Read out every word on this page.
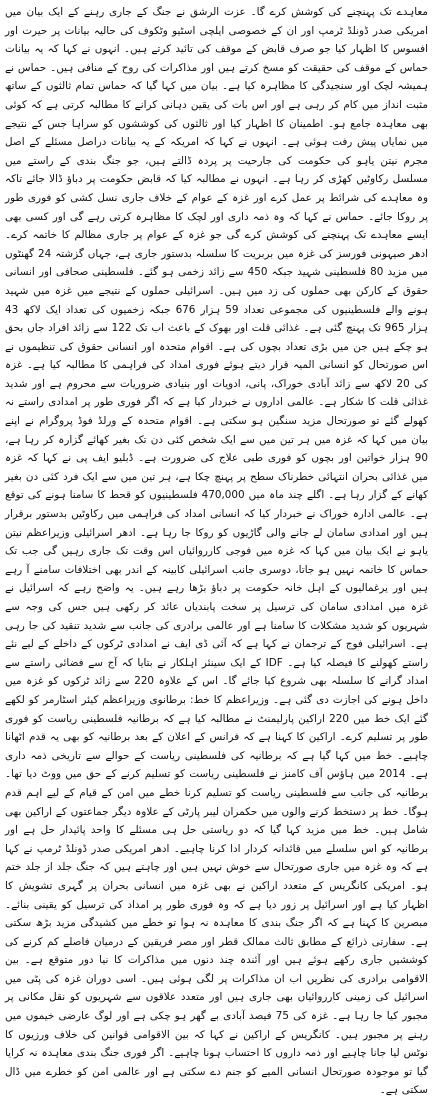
معاہدے تک پہنچنے کی کوشش کرے گا۔ عزت الرشق نے جنگ کے جاری رہنے کے ایک بیان میں امریکی صدر ڈونلڈ ٹرمپ اور ان کے خصوصی ایلچی اسٹیو وٹکوف کی حالیہ بیانات پر حیرت اور افسوس کا اظہار کیا جو صرف قابض کے موقف کی تائید کرتے ہیں۔ انہوں نے کہا کہ یہ بیانات حماس کے موقف کی حقیقت کو مسخ کرتے ہیں اور مذاکرات کی روح کے منافی ہیں۔ حماس نے ہمیشہ لچک اور سنجیدگی کا مظاہرہ کیا ہے۔ بیان میں کہا گیا کہ حماس تمام ثالثوں کے ساتھ مثبت انداز میں کام کر رہی ہے اور اس بات کی یقین دہانی کرانے کا مطالبہ کرتی ہے کہ کوئی بھی معاہدہ جامع ہو۔ اطمینان کا اظہار کیا اور ثالثوں کی کوششوں کو سراہا جس کے نتیجے میں نمایاں پیش رفت ہوئی ہے۔ انہوں نے کہا کہ امریکہ کے یہ بیانات دراصل مسئلے کے اصل مجرم نیتن یاہو کی حکومت کی جارحیت پر پردہ ڈالتے ہیں، جو جنگ بندی کے راستے میں مسلسل رکاوٹیں کھڑی کر رہا ہے۔ انہوں نے مطالبہ کیا کہ قابض حکومت پر دباؤ ڈالا جائے تاکہ وہ معاہدے کی شرائط پر عمل کرے اور غزہ کے عوام کے خلاف جاری نسل کشی کو فوری طور پر روکا جائے۔ حماس نے کہا کہ وہ ذمہ داری اور لچک کا مظاہرہ کرتی رہے گی اور کسی بھی ایسے معاہدے تک پہنچنے کی کوشش کرے گی جو غزہ کے عوام پر جاری مظالم کا خاتمہ کرے۔ ادھر صیہونی فورسز کی غزہ میں بربریت کا سلسلہ بدستور جاری ہے، جہاں گزشتہ 24 گھنٹوں میں مزید 80 فلسطینی شہید جبکہ 450 سے زائد زخمی ہو گئے۔ فلسطینی صحافی اور انسانی حقوق کے کارکن بھی حملوں کی زد میں ہیں۔ اسرائیلی حملوں کے نتیجے میں غزہ میں شہید ہونے والے فلسطینیوں کی مجموعی تعداد 59 ہزار 676 جبکہ زخمیوں کی تعداد ایک لاکھ 43 ہزار 965 تک پہنچ گئی ہے۔ غذائی قلت اور بھوک کے باعث اب تک 122 سے زائد افراد جاں بحق ہو چکے ہیں جن میں بڑی تعداد بچوں کی ہے۔ اقوام متحدہ اور انسانی حقوق کی تنظیموں نے اس صورتحال کو انسانی المیہ قرار دیتے ہوئے فوری امداد کی فراہمی کا مطالبہ کیا ہے۔ غزہ کی 20 لاکھ سے زائد آبادی خوراک، پانی، ادویات اور بنیادی ضروریات سے محروم ہے اور شدید غذائی قلت کا شکار ہے۔ عالمی اداروں نے خبردار کیا ہے کہ اگر فوری طور پر امدادی راستے نہ کھولے گئے تو صورتحال مزید سنگین ہو سکتی ہے۔ اقوام متحدہ کے ورلڈ فوڈ پروگرام نے اپنے بیان میں کہا کہ غزہ میں ہر تین میں سے ایک شخص کئی دن تک بغیر کھائے گزارہ کر رہا ہے، 90 ہزار خواتین اور بچوں کو فوری طبی علاج کی ضرورت ہے۔ ڈبلیو ایف پی نے کہا کہ غزہ میں غذائی بحران انتہائی خطرناک سطح پر پہنچ چکا ہے، ہر تین میں سے ایک فرد کئی دن بغیر کھانے کے گزار رہا ہے۔ اگلے چند ماہ میں 470,000 فلسطینیوں کو قحط کا سامنا ہونے کی توقع ہے۔ عالمی ادارہ خوراک نے خبردار کیا کہ انسانی امداد کی فراہمی میں رکاوٹیں بدستور برقرار ہیں اور امدادی سامان لے جانے والی گاڑیوں کو روکا جا رہا ہے۔ ادھر اسرائیلی وزیراعظم نیتن یاہو نے ایک بیان میں کہا کہ غزہ میں فوجی کارروائیاں اس وقت تک جاری رہیں گی جب تک حماس کا خاتمہ نہیں ہو جاتا، دوسری جانب اسرائیلی کابینہ کے اندر بھی اختلافات سامنے آ رہے ہیں اور یرغمالیوں کے اہل خانہ حکومت پر دباؤ بڑھا رہے ہیں۔ یہ واضح رہے کہ اسرائیل نے غزہ میں امدادی سامان کی ترسیل پر سخت پابندیاں عائد کر رکھی ہیں جس کی وجہ سے شہریوں کو شدید مشکلات کا سامنا ہے اور عالمی برادری کی جانب سے شدید تنقید کی جا رہی ہے۔ اسرائیلی فوج کے ترجمان نے کہا ہے کہ آئی ڈی ایف نے امدادی ٹرکوں کے داخلے کے لیے نئے راستے کھولنے کا فیصلہ کیا ہے۔ IDF کے ایک سینئر اہلکار نے بتایا کہ آج سے فضائی راستے سے امداد گرانے کا سلسلہ بھی شروع کیا جائے گا۔ اس کے علاوہ 220 سے زائد ٹرکوں کو غزہ میں داخل ہونے کی اجازت دی گئی ہے۔ وزیراعظم کا خط: برطانوی وزیراعظم کیئر اسٹارمر کو لکھے گئے ایک خط میں 220 اراکین پارلیمنٹ نے مطالبہ کیا ہے کہ برطانیہ فلسطینی ریاست کو فوری طور پر تسلیم کرے۔ اراکین کا کہنا ہے کہ فرانس کے اعلان کے بعد برطانیہ کو بھی یہ قدم اٹھانا چاہیے۔ خط میں کہا گیا ہے کہ برطانیہ کی فلسطینی ریاست کے حوالے سے تاریخی ذمہ داری ہے۔ 2014 میں ہاؤس آف کامنز نے فلسطینی ریاست کو تسلیم کرنے کے حق میں ووٹ دیا تھا۔ برطانیہ کی جانب سے فلسطینی ریاست کو تسلیم کرنا خطے میں امن کے قیام کے لیے اہم قدم ہوگا۔ خط پر دستخط کرنے والوں میں حکمران لیبر پارٹی کے علاوہ دیگر جماعتوں کے اراکین بھی شامل ہیں۔ خط میں مزید کہا گیا کہ دو ریاستی حل ہی مسئلے کا واحد پائیدار حل ہے اور برطانیہ کو اس سلسلے میں قائدانہ کردار ادا کرنا چاہیے۔ ادھر امریکی صدر ڈونلڈ ٹرمپ نے کہا ہے کہ وہ غزہ میں جاری صورتحال سے خوش نہیں ہیں اور چاہتے ہیں کہ جنگ جلد از جلد ختم ہو۔ امریکی کانگریس کے متعدد اراکین نے بھی غزہ میں انسانی بحران پر گہری تشویش کا اظہار کیا ہے اور اسرائیل پر زور دیا ہے کہ وہ فوری طور پر امداد کی ترسیل کو یقینی بنائے۔ مبصرین کا کہنا ہے کہ اگر جنگ بندی کا معاہدہ نہ ہوا تو خطے میں کشیدگی مزید بڑھ سکتی ہے۔ سفارتی ذرائع کے مطابق ثالث ممالک قطر اور مصر فریقین کے درمیان فاصلے کم کرنے کی کوششیں جاری رکھے ہوئے ہیں اور آئندہ چند دنوں میں مذاکرات کا نیا دور متوقع ہے۔ بین الاقوامی برادری کی نظریں اب ان مذاکرات پر لگی ہوئی ہیں۔ اسی دوران غزہ کی پٹی میں اسرائیل کی زمینی کارروائیاں بھی جاری ہیں اور متعدد علاقوں سے شہریوں کو نقل مکانی پر مجبور کیا جا رہا ہے۔ غزہ کی 75 فیصد آبادی بے گھر ہو چکی ہے اور لوگ عارضی خیموں میں رہنے پر مجبور ہیں۔ کانگریس کے اراکین نے کہا کہ بین الاقوامی قوانین کی خلاف ورزیوں کا نوٹس لیا جانا چاہیے اور ذمہ داروں کا احتساب ہونا چاہیے۔ اگر فوری جنگ بندی معاہدہ نہ کرایا گیا تو موجودہ صورتحال انسانی المیے کو جنم دے سکتی ہے اور عالمی امن کو خطرے میں ڈال سکتی ہے۔
